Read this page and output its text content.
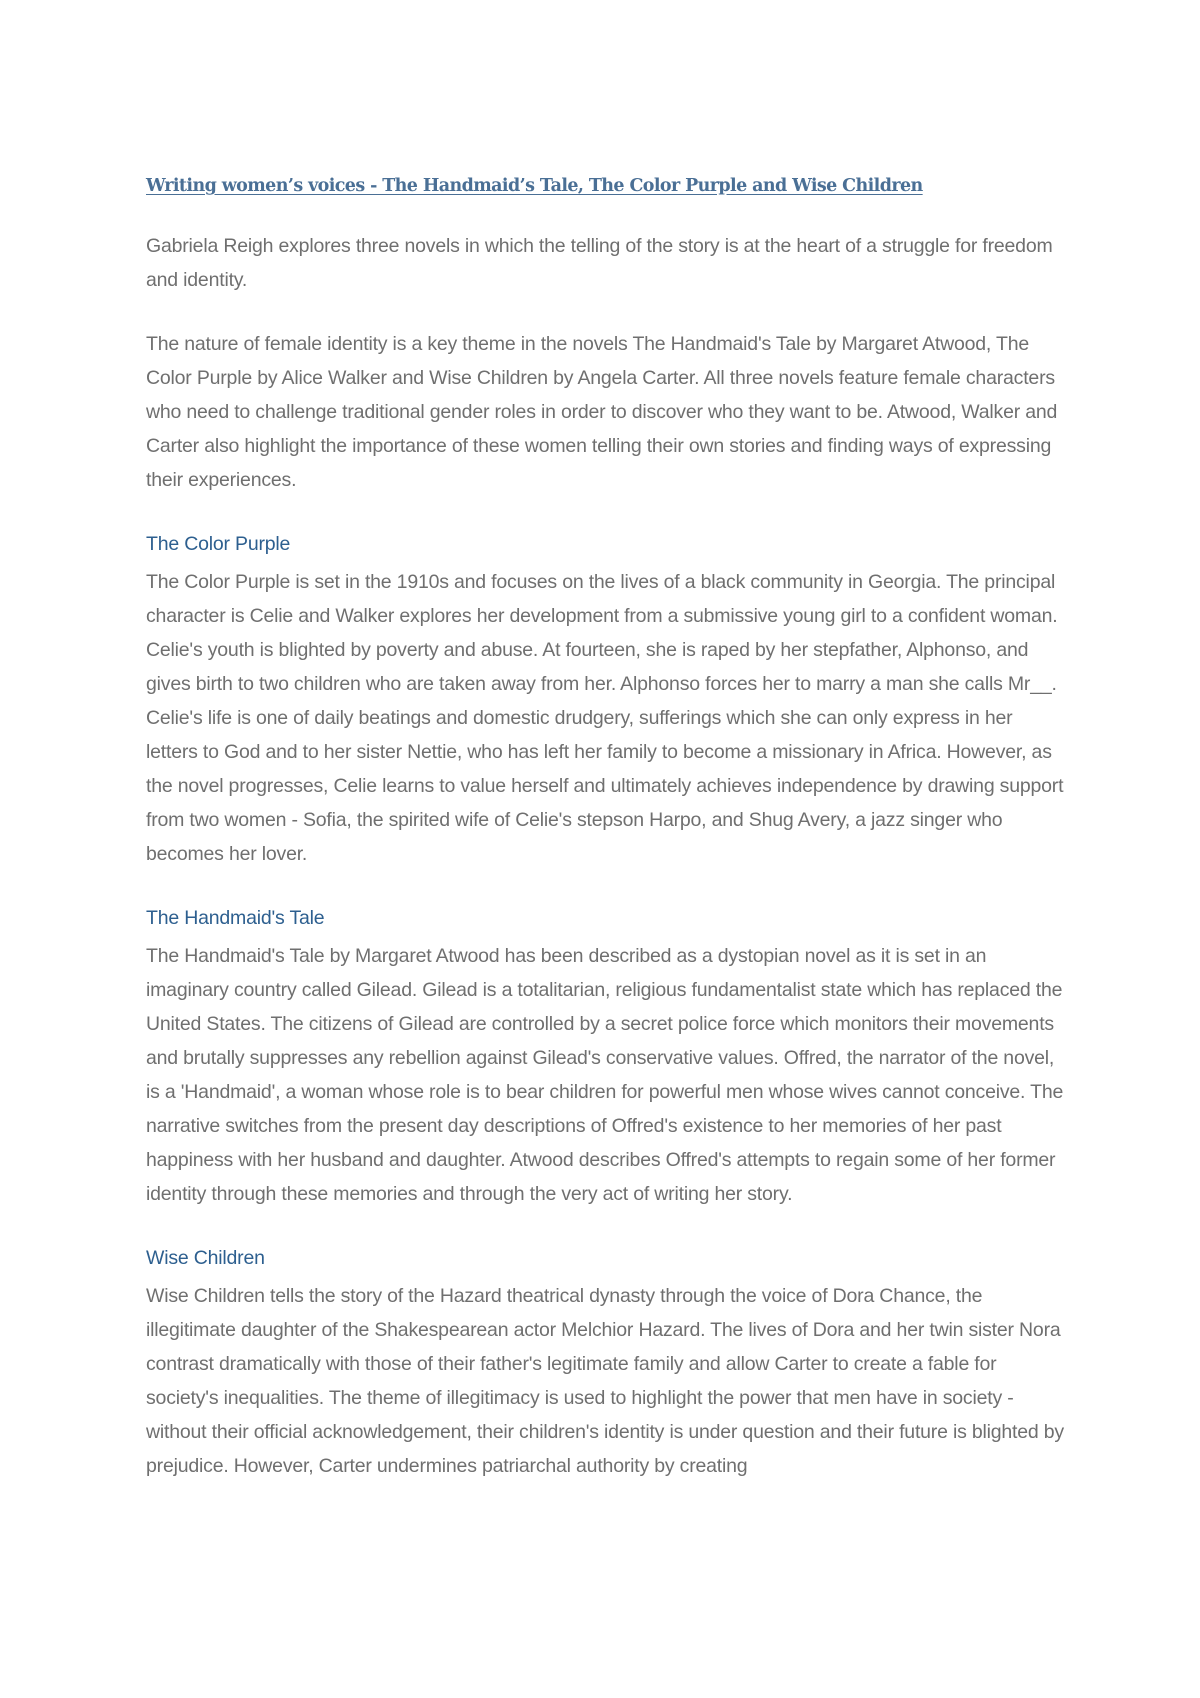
Writing women’s voices - The Handmaid’s Tale, The Color Purple and Wise Children

Gabriela Reigh explores three novels in which the telling of the story is at the heart of a struggle for freedom and identity.

The nature of female identity is a key theme in the novels The Handmaid's Tale by Margaret Atwood, The Color Purple by Alice Walker and Wise Children by Angela Carter. All three novels feature female characters who need to challenge traditional gender roles in order to discover who they want to be. Atwood, Walker and Carter also highlight the importance of these women telling their own stories and finding ways of expressing their experiences.

The Color Purple

The Color Purple is set in the 1910s and focuses on the lives of a black community in Georgia. The principal character is Celie and Walker explores her development from a submissive young girl to a confident woman. Celie's youth is blighted by poverty and abuse. At fourteen, she is raped by her stepfather, Alphonso, and gives birth to two children who are taken away from her. Alphonso forces her to marry a man she calls Mr__. Celie's life is one of daily beatings and domestic drudgery, sufferings which she can only express in her letters to God and to her sister Nettie, who has left her family to become a missionary in Africa. However, as the novel progresses, Celie learns to value herself and ultimately achieves independence by drawing support from two women - Sofia, the spirited wife of Celie's stepson Harpo, and Shug Avery, a jazz singer who becomes her lover.

The Handmaid's Tale

The Handmaid's Tale by Margaret Atwood has been described as a dystopian novel as it is set in an imaginary country called Gilead. Gilead is a totalitarian, religious fundamentalist state which has replaced the United States. The citizens of Gilead are controlled by a secret police force which monitors their movements and brutally suppresses any rebellion against Gilead's conservative values. Offred, the narrator of the novel, is a 'Handmaid', a woman whose role is to bear children for powerful men whose wives cannot conceive. The narrative switches from the present day descriptions of Offred's existence to her memories of her past happiness with her husband and daughter. Atwood describes Offred's attempts to regain some of her former identity through these memories and through the very act of writing her story.

Wise Children

Wise Children tells the story of the Hazard theatrical dynasty through the voice of Dora Chance, the illegitimate daughter of the Shakespearean actor Melchior Hazard. The lives of Dora and her twin sister Nora contrast dramatically with those of their father's legitimate family and allow Carter to create a fable for society's inequalities. The theme of illegitimacy is used to highlight the power that men have in society - without their official acknowledgement, their children's identity is under question and their future is blighted by prejudice. However, Carter undermines patriarchal authority by creating
